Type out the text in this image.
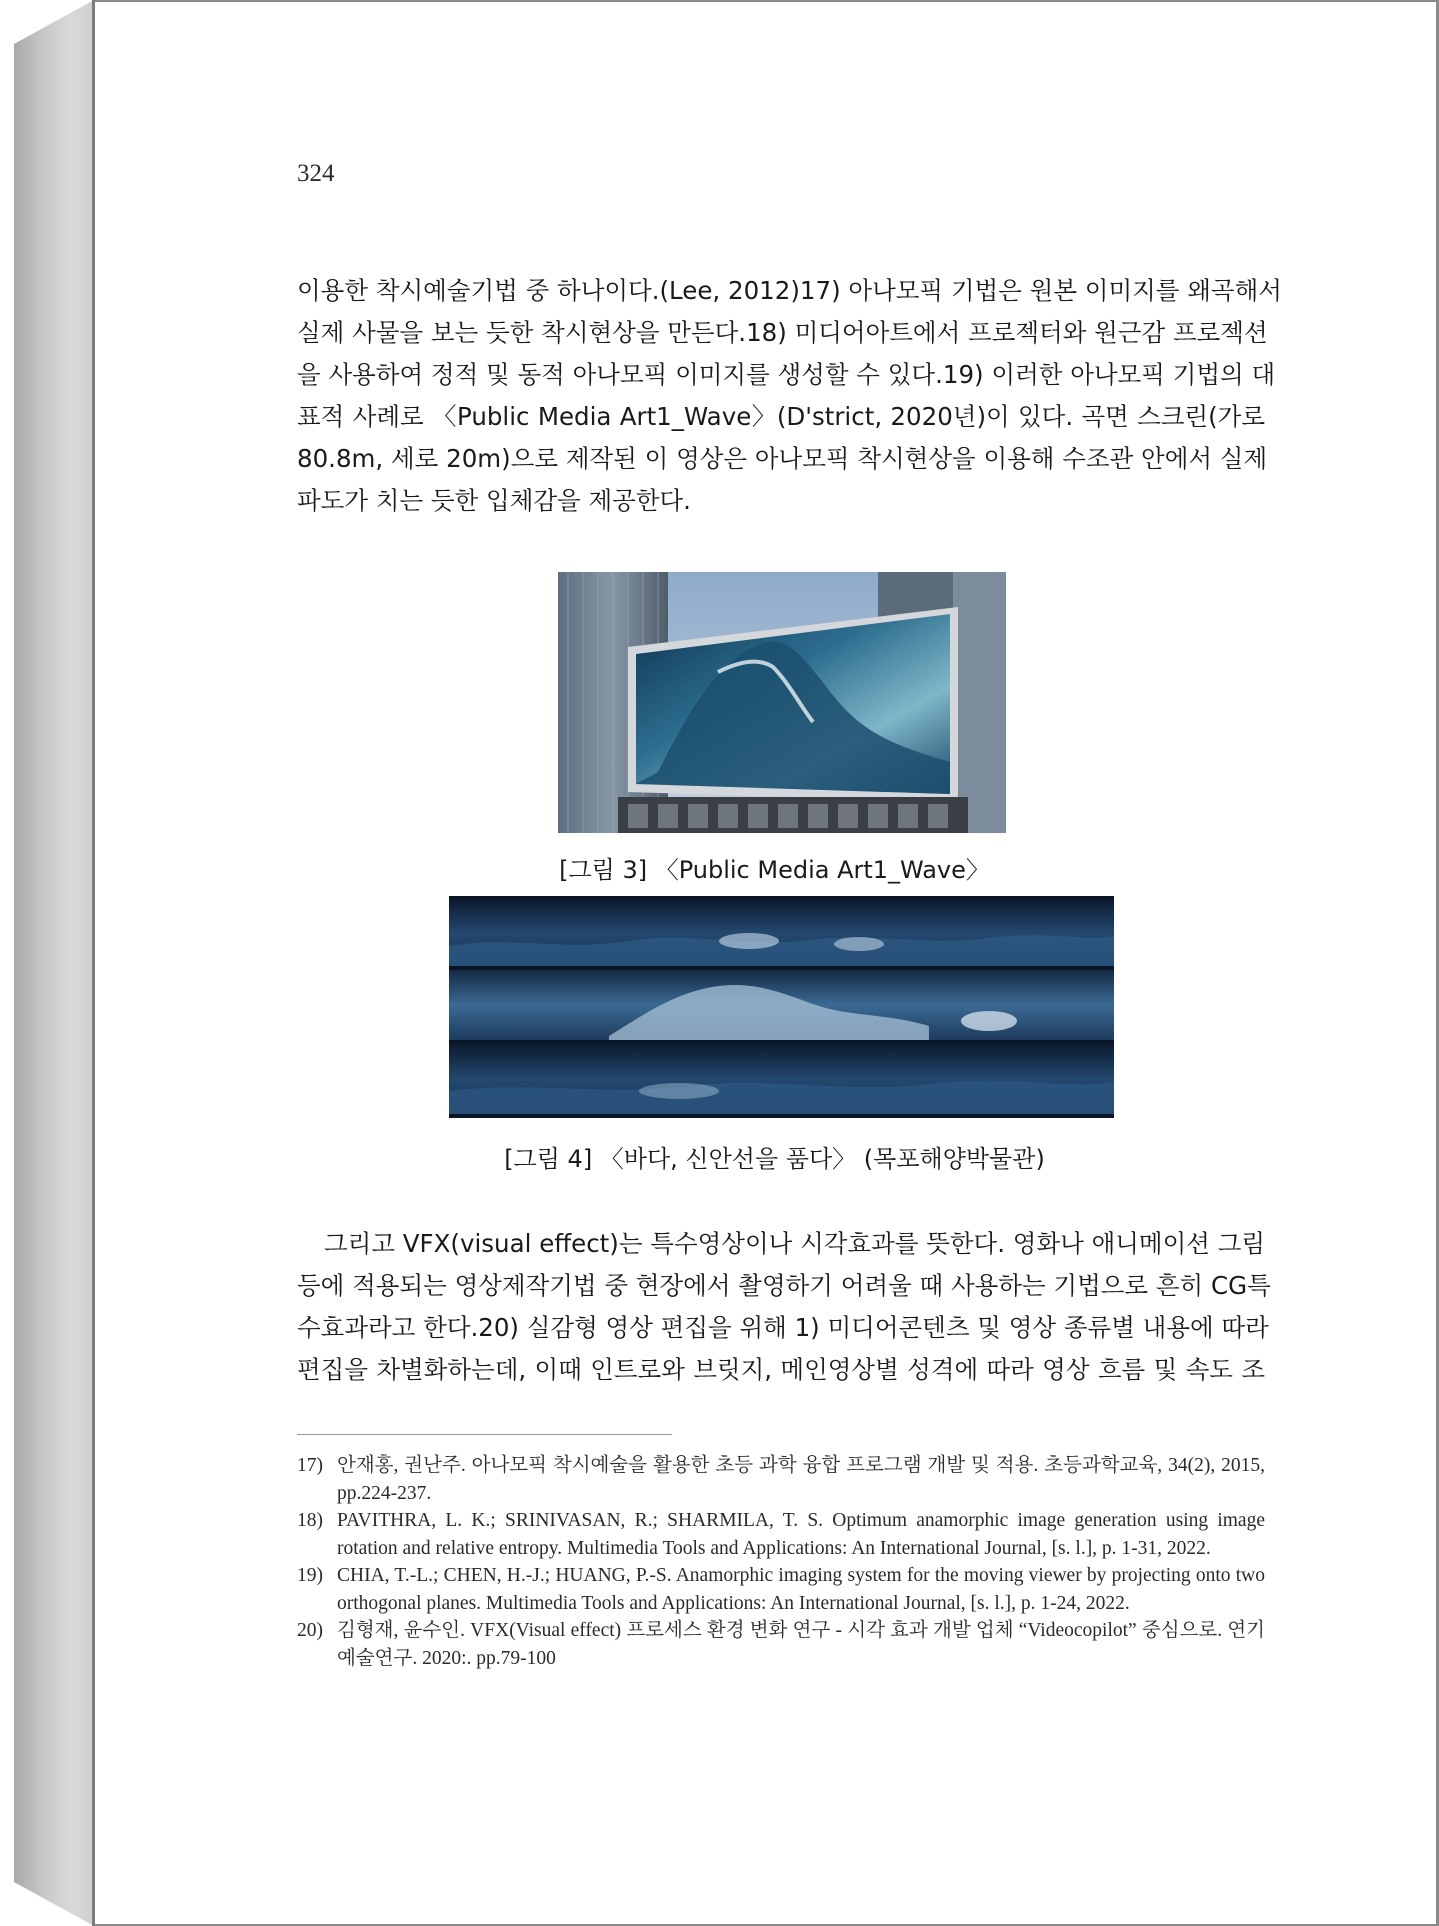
324
이용한 착시예술기법 중 하나이다.(Lee, 2012)17) 아나모픽 기법은 원본 이미지를 왜곡해서
실제 사물을 보는 듯한 착시현상을 만든다.18) 미디어아트에서 프로젝터와 원근감 프로젝션
을 사용하여 정적 및 동적 아나모픽 이미지를 생성할 수 있다.19) 이러한 아나모픽 기법의 대
표적 사례로 〈Public Media Art1_Wave〉(D'strict, 2020년)이 있다. 곡면 스크린(가로
80.8m, 세로 20m)으로 제작된 이 영상은 아나모픽 착시현상을 이용해 수조관 안에서 실제
파도가 치는 듯한 입체감을 제공한다.
[그림 3] 〈Public Media Art1_Wave〉
[그림 4] 〈바다, 신안선을 품다〉 (목포해양박물관)
그리고 VFX(visual effect)는 특수영상이나 시각효과를 뜻한다. 영화나 애니메이션 그림
등에 적용되는 영상제작기법 중 현장에서 촬영하기 어려울 때 사용하는 기법으로 흔히 CG특
수효과라고 한다.20) 실감형 영상 편집을 위해 1) 미디어콘텐츠 및 영상 종류별 내용에 따라
편집을 차별화하는데, 이때 인트로와 브릿지, 메인영상별 성격에 따라 영상 흐름 및 속도 조
17) 안재홍, 권난주. 아나모픽 착시예술을 활용한 초등 과학 융합 프로그램 개발 및 적용. 초등과학교육, 34(2), 2015, pp.224-237.
18) PAVITHRA, L. K.; SRINIVASAN, R.; SHARMILA, T. S. Optimum anamorphic image generation using image rotation and relative entropy. Multimedia Tools and Applications: An International Journal, [s. l.], p. 1-31, 2022.
19) CHIA, T.-L.; CHEN, H.-J.; HUANG, P.-S. Anamorphic imaging system for the moving viewer by projecting onto two orthogonal planes. Multimedia Tools and Applications: An International Journal, [s. l.], p. 1-24, 2022.
20) 김형재, 윤수인. VFX(Visual effect) 프로세스 환경 변화 연구 - 시각 효과 개발 업체 “Videocopilot” 중심으로. 연기예술연구. 2020:. pp.79-100
